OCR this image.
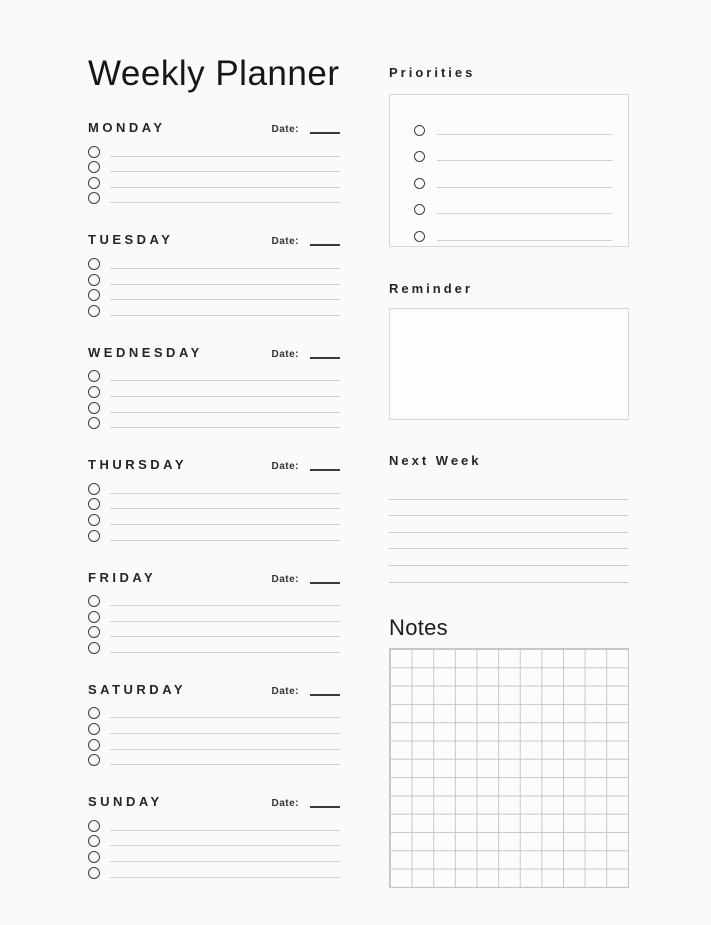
Weekly Planner
MONDAY	Date:
TUESDAY	Date:
WEDNESDAY	Date:
THURSDAY	Date:
FRIDAY	Date:
SATURDAY	Date:
SUNDAY	Date:
Priorities
Reminder
Next Week
Notes
